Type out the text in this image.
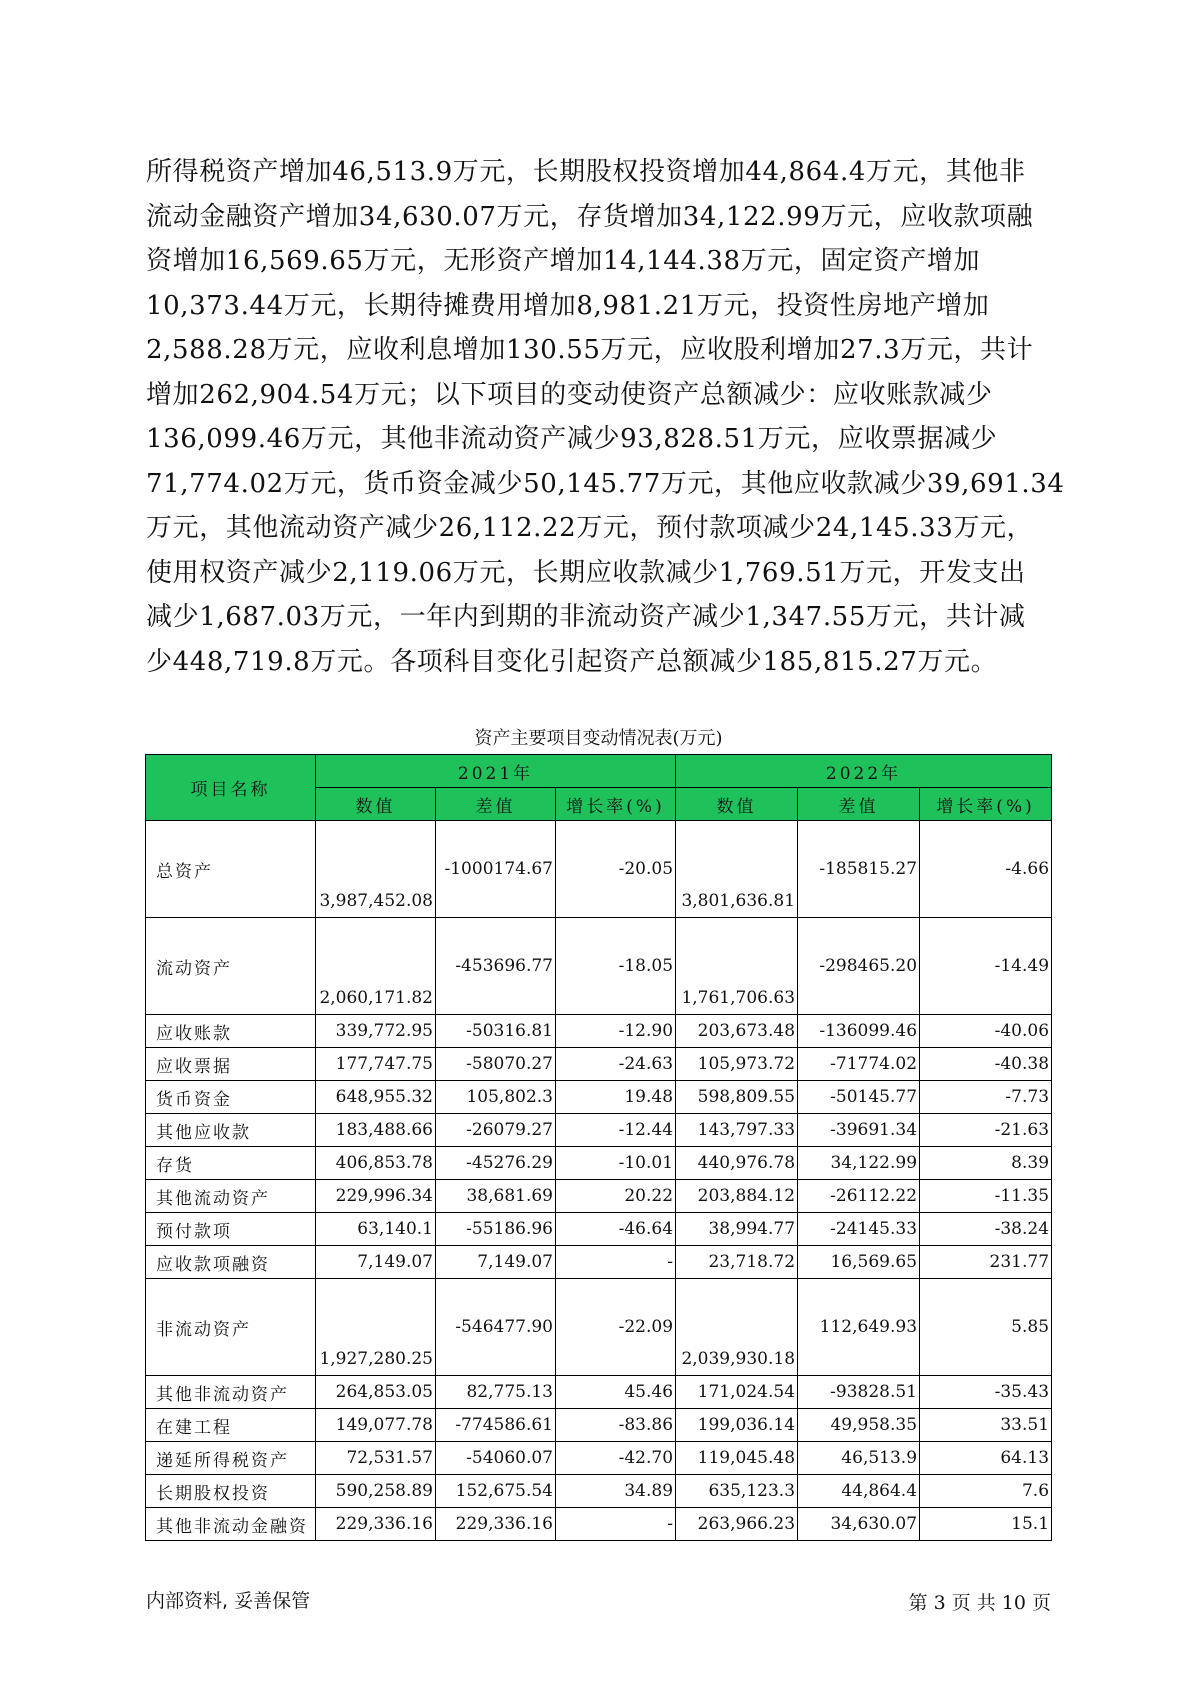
所得税资产增加46,513.9万元，长期股权投资增加44,864.4万元，其他非
流动金融资产增加34,630.07万元，存货增加34,122.99万元，应收款项融
资增加16,569.65万元，无形资产增加14,144.38万元，固定资产增加
10,373.44万元，长期待摊费用增加8,981.21万元，投资性房地产增加
2,588.28万元，应收利息增加130.55万元，应收股利增加27.3万元，共计
增加262,904.54万元；以下项目的变动使资产总额减少：应收账款减少
136,099.46万元，其他非流动资产减少93,828.51万元，应收票据减少
71,774.02万元，货币资金减少50,145.77万元，其他应收款减少39,691.34
万元，其他流动资产减少26,112.22万元，预付款项减少24,145.33万元，
使用权资产减少2,119.06万元，长期应收款减少1,769.51万元，开发支出
减少1,687.03万元，一年内到期的非流动资产减少1,347.55万元，共计减
少448,719.8万元。各项科目变化引起资产总额减少185,815.27万元。
资产主要项目变动情况表(万元)
项目名称	2021年			2022年		
	数值	差值	增长率(%)	数值	差值	增长率(%)
总资产	3,987,452.08	-1000174.67	-20.05	3,801,636.81	-185815.27	-4.66
流动资产	2,060,171.82	-453696.77	-18.05	1,761,706.63	-298465.20	-14.49
应收账款	339,772.95	-50316.81	-12.90	203,673.48	-136099.46	-40.06
应收票据	177,747.75	-58070.27	-24.63	105,973.72	-71774.02	-40.38
货币资金	648,955.32	105,802.3	19.48	598,809.55	-50145.77	-7.73
其他应收款	183,488.66	-26079.27	-12.44	143,797.33	-39691.34	-21.63
存货	406,853.78	-45276.29	-10.01	440,976.78	34,122.99	8.39
其他流动资产	229,996.34	38,681.69	20.22	203,884.12	-26112.22	-11.35
预付款项	63,140.1	-55186.96	-46.64	38,994.77	-24145.33	-38.24
应收款项融资	7,149.07	7,149.07	-	23,718.72	16,569.65	231.77
非流动资产	1,927,280.25	-546477.90	-22.09	2,039,930.18	112,649.93	5.85
其他非流动资产	264,853.05	82,775.13	45.46	171,024.54	-93828.51	-35.43
在建工程	149,077.78	-774586.61	-83.86	199,036.14	49,958.35	33.51
递延所得税资产	72,531.57	-54060.07	-42.70	119,045.48	46,513.9	64.13
长期股权投资	590,258.89	152,675.54	34.89	635,123.3	44,864.4	7.6
其他非流动金融资	229,336.16	229,336.16	-	263,966.23	34,630.07	15.1
内部资料, 妥善保管	第 3 页 共 10 页
